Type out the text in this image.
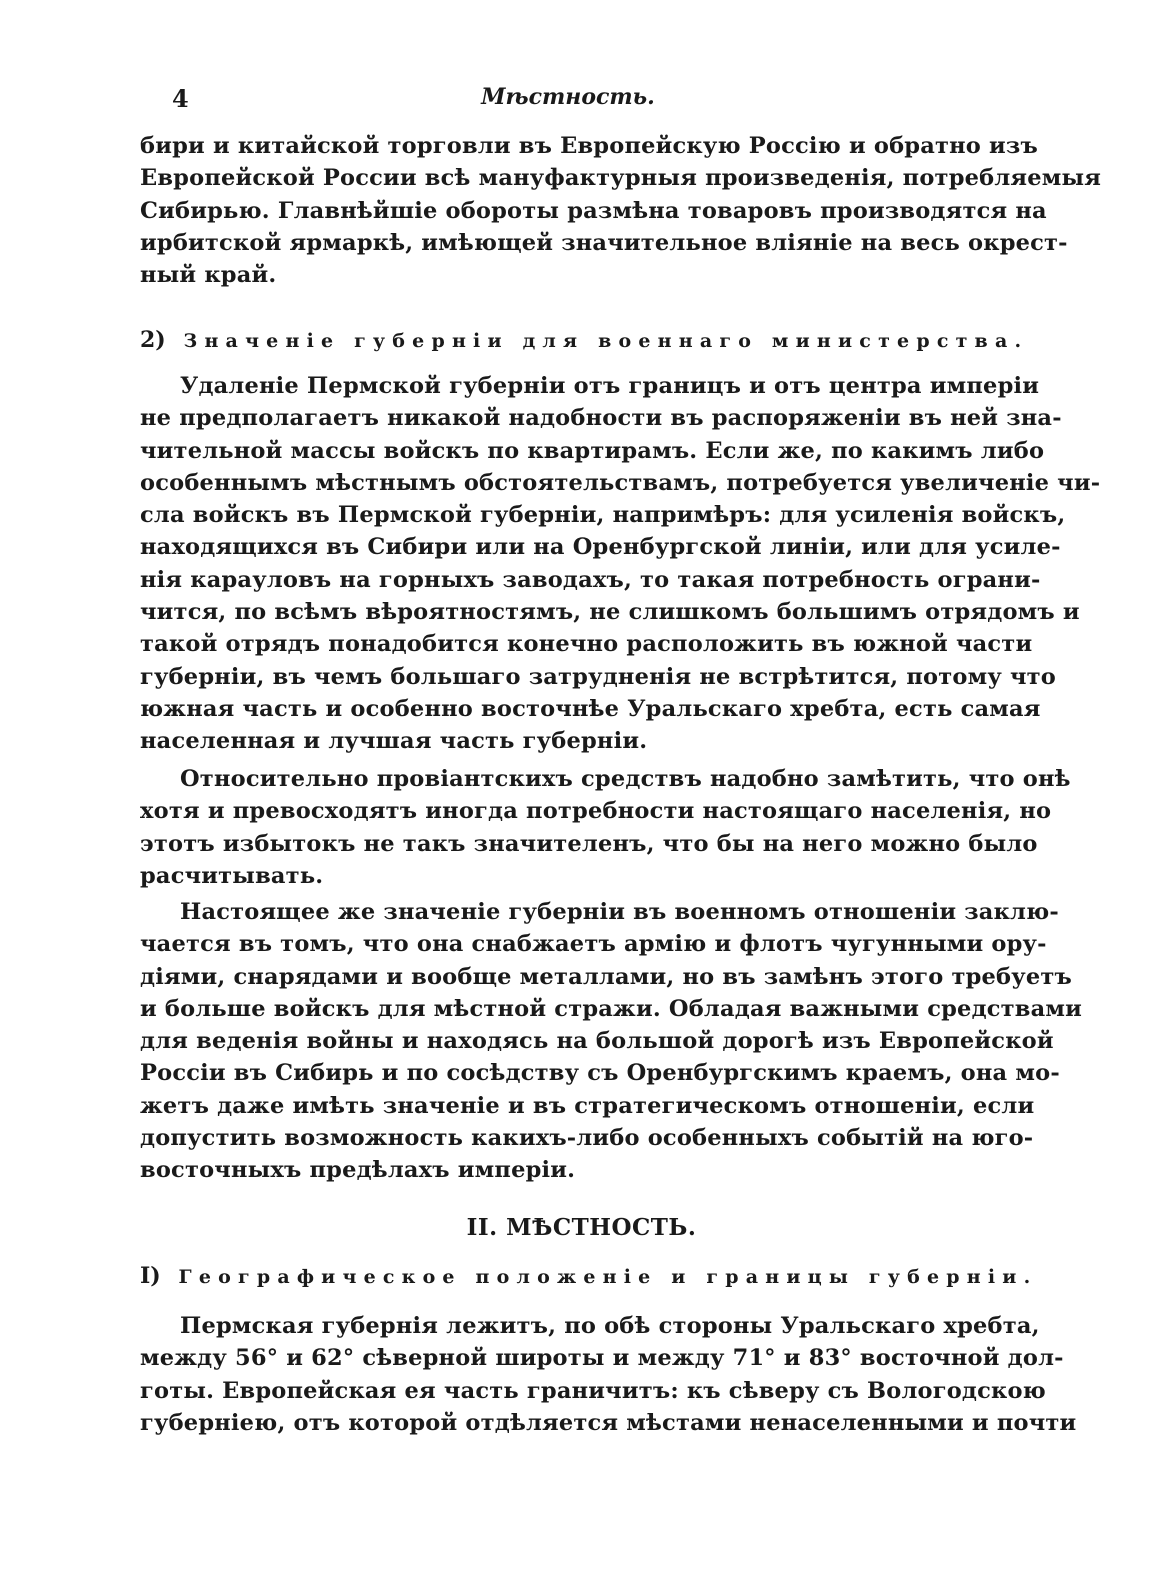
4	Мѣстность.
бири и китайской торговли въ Европейскую Россію и обратно изъ
Европейской России всѣ мануфактурныя произведенія, потребляемыя
Сибирью. Главнѣйшіе обороты размѣна товаровъ производятся на
ирбитской ярмаркѣ, имѣющей значительное вліяніе на весь окрест-
ный край.
2) Значеніе губерніи для военнаго министерства.
Удаленіе Пермской губерніи отъ границъ и отъ центра имперіи
не предполагаетъ никакой надобности въ распоряженіи въ ней зна-
чительной массы войскъ по квартирамъ. Если же, по какимъ либо
особеннымъ мѣстнымъ обстоятельствамъ, потребуется увеличеніе чи-
сла войскъ въ Пермской губерніи, напримѣръ: для усиленія войскъ,
находящихся въ Сибири или на Оренбургской линіи, или для усиле-
нія карауловъ на горныхъ заводахъ, то такая потребность ограни-
чится, по всѣмъ вѣроятностямъ, не слишкомъ большимъ отрядомъ и
такой отрядъ понадобится конечно расположить въ южной части
губерніи, въ чемъ большаго затрудненія не встрѣтится, потому что
южная часть и особенно восточнѣе Уральскаго хребта, есть самая
населенная и лучшая часть губерніи.
Относительно провіантскихъ средствъ надобно замѣтить, что онѣ
хотя и превосходятъ иногда потребности настоящаго населенія, но
этотъ избытокъ не такъ значителенъ, что бы на него можно было
расчитывать.
Настоящее же значеніе губерніи въ военномъ отношеніи заклю-
чается въ томъ, что она снабжаетъ армію и флотъ чугунными ору-
діями, снарядами и вообще металлами, но въ замѣнъ этого требуетъ
и больше войскъ для мѣстной стражи. Обладая важными средствами
для веденія войны и находясь на большой дорогѣ изъ Европейской
Россіи въ Сибирь и по сосѣдству съ Оренбургскимъ краемъ, она мо-
жетъ даже имѣть значеніе и въ стратегическомъ отношеніи, если
допустить возможность какихъ-либо особенныхъ событій на юго-
восточныхъ предѣлахъ имперіи.
II. МѢСТНОСТЬ.
I) Географическое положеніе и границы губерніи.
Пермская губернія лежитъ, по обѣ стороны Уральскаго хребта,
между 56° и 62° сѣверной широты и между 71° и 83° восточной дол-
готы. Европейская ея часть граничитъ: къ сѣверу съ Вологодскою
губерніею, отъ которой отдѣляется мѣстами ненаселенными и почти
